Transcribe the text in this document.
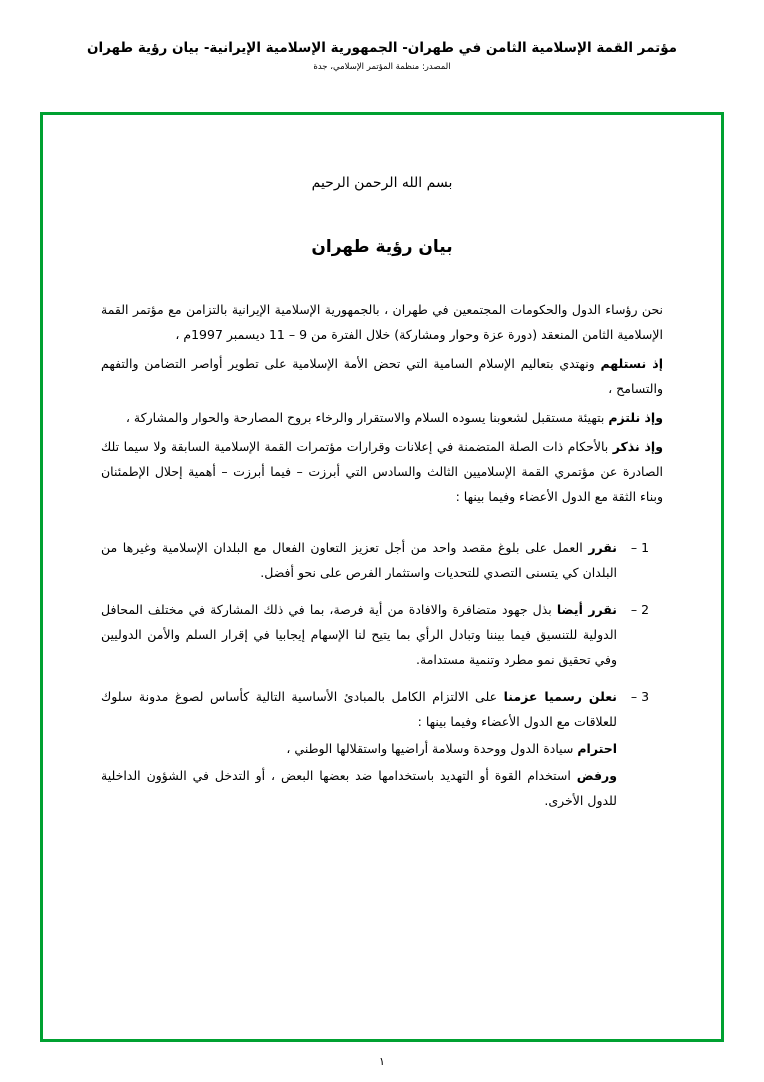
مؤتمر القمة الإسلامية الثامن في طهران- الجمهورية الإسلامية الإيرانية- بيان رؤية طهران
المصدر: منظمة المؤتمر الإسلامي، جدة
بسم الله الرحمن الرحيم
بيان رؤية طهران

نحن رؤساء الدول والحكومات المجتمعين في طهران ، بالجمهورية الإسلامية الإيرانية بالتزامن مع مؤتمر القمة الإسلامية الثامن المنعقد (دورة عزة وحوار ومشاركة) خلال الفترة من 9 – 11 ديسمبر 1997م ،

إذ نستلهم ونهتدي بتعاليم الإسلام السامية التي تحض الأمة الإسلامية على تطوير أواصر التضامن والتفهم والتسامح ،

وإذ نلتزم بتهيئة مستقبل لشعوبنا يسوده السلام والاستقرار والرخاء بروح المصارحة والحوار والمشاركة ،

وإذ نذكر بالأحكام ذات الصلة المتضمنة في إعلانات وقرارات مؤتمرات القمة الإسلامية السابقة ولا سيما تلك الصادرة عن مؤتمري القمة الإسلاميين الثالث والسادس التي أبرزت – فيما أبرزت – أهمية إحلال الإطمئنان وبناء الثقة مع الدول الأعضاء وفيما بينها :

1 –

نقرر العمل على بلوغ مقصد واحد من أجل تعزيز التعاون الفعال مع البلدان الإسلامية وغيرها من البلدان كي يتسنى التصدي للتحديات واستثمار الفرص على نحو أفضل.

2 –

نقرر أيضا بذل جهود متضافرة والافادة من أية فرصة، بما في ذلك المشاركة في مختلف المحافل الدولية للتنسيق فيما بيننا وتبادل الرأي بما يتيح لنا الإسهام إيجابيا في إقرار السلم والأمن الدوليين وفي تحقيق نمو مطرد وتنمية مستدامة.

3 –

نعلن رسميا عزمنا على الالتزام الكامل بالمبادئ الأساسية التالية كأساس لصوغ مدونة سلوك للعلاقات مع الدول الأعضاء وفيما بينها :

احترام سيادة الدول ووحدة وسلامة أراضيها واستقلالها الوطني ،

ورفض استخدام القوة أو التهديد باستخدامها ضد بعضها البعض ، أو التدخل في الشؤون الداخلية للدول الأخرى.

١
